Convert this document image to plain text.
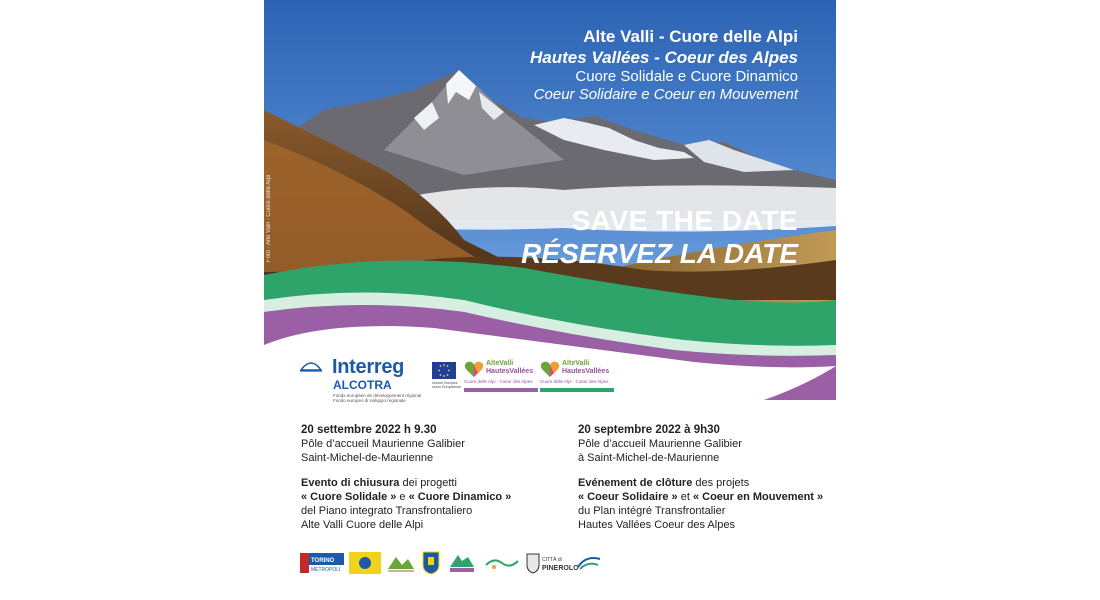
Foto · Alte Valli · Cuore delle Alpi
Alte Valli - Cuore delle Alpi
Hautes Vallées - Coeur des Alpes
Cuore Solidale e Cuore Dinamico
Coeur Solidaire e Coeur en Mouvement
SAVE THE DATE
RÉSERVEZ LA DATE
Interreg
ALCOTRA
Fonds européen de développement régional
Fondo europeo di sviluppo regionale
Unione Europea Union Européenne
AlteValli
HautesVallées
Cuore delle Alpi · Coeur des Alpes
AlteValli
HautesVallées
Cuore delle Alpi · Coeur des Alpes
20 settembre 2022 h 9.30
Pôle d’accueil Maurienne Galibier
Saint-Michel-de-Maurienne
Evento di chiusura dei progetti
« Cuore Solidale » e « Cuore Dinamico »
del Piano integrato Transfrontaliero
Alte Valli Cuore delle Alpi
20 septembre 2022 à 9h30
Pôle d’accueil Maurienne Galibier
à Saint-Michel-de-Maurienne
Evénement de clôture des projets
« Coeur Solidaire » et « Coeur en Mouvement »
du Plan intégré Transfrontalier
Hautes Vallées Coeur des Alpes
TORINO
METROPOLI
CITTÀ di
PINEROLO
